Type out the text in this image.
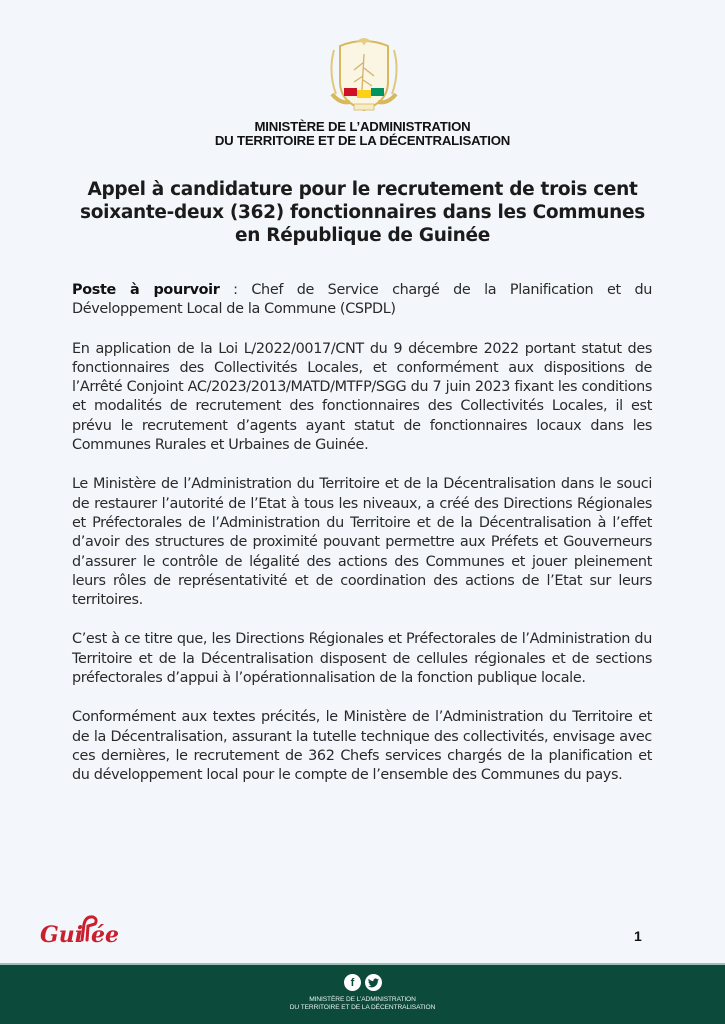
MINISTÈRE DE L’ADMINISTRATION
DU TERRITOIRE ET DE LA DÉCENTRALISATION
Appel à candidature pour le recrutement de trois cent
soixante-deux (362) fonctionnaires dans les Communes
en République de Guinée

Poste à pourvoir : Chef de Service chargé de la Planification et du Développement Local de la Commune (CSPDL)

En application de la Loi L/2022/0017/CNT du 9 décembre 2022 portant statut des fonctionnaires des Collectivités Locales, et conformément aux dispositions de l’Arrêté Conjoint AC/2023/2013/MATD/MTFP/SGG du 7 juin 2023 fixant les conditions et modalités de recrutement des fonctionnaires des Collectivités Locales, il est prévu le recrutement d’agents ayant statut de fonctionnaires locaux dans les Communes Rurales et Urbaines de Guinée.

Le Ministère de l’Administration du Territoire et de la Décentralisation dans le souci de restaurer l’autorité de l’Etat à tous les niveaux, a créé des Directions Régionales et Préfectorales de l’Administration du Territoire et de la Décentralisation à l’effet d’avoir des structures de proximité pouvant permettre aux Préfets et Gouverneurs d’assurer le contrôle de légalité des actions des Communes et jouer pleinement leurs rôles de représentativité et de coordination des actions de l’Etat sur leurs territoires.

C’est à ce titre que, les Directions Régionales et Préfectorales de l’Administration du Territoire et de la Décentralisation disposent de cellules régionales et de sections préfectorales d’appui à l’opérationnalisation de la fonction publique locale.

Conformément aux textes précités, le Ministère de l’Administration du Territoire et de la Décentralisation, assurant la tutelle technique des collectivités, envisage avec ces dernières, le recrutement de 362 Chefs services chargés de la planification et du développement local pour le compte de l’ensemble des Communes du pays.

Gui ée	1
f
MINISTÈRE DE L’ADMINISTRATION
DU TERRITOIRE ET DE LA DÉCENTRALISATION
